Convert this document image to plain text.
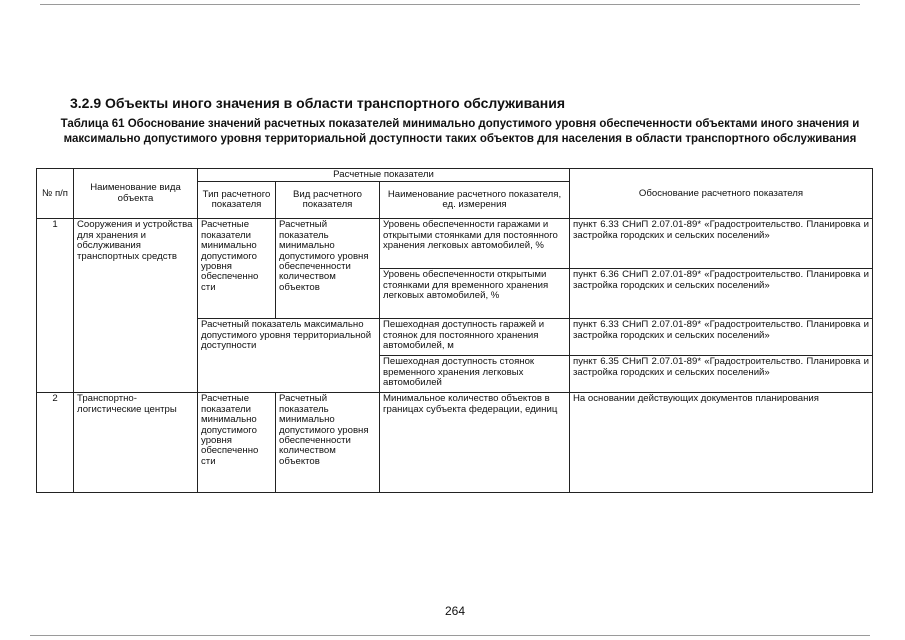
3.2.9 Объекты иного значения в области транспортного обслуживания
Таблица 61 Обоснование значений расчетных показателей минимально допустимого уровня обеспеченности объектами иного значения и максимально допустимого уровня территориальной доступности таких объектов для населения в области транспортного обслуживания
№ п/п	Наименование вида объекта	Расчетные показатели			Обоснование расчетного показателя
		Тип расчетного показателя	Вид расчетного показателя	Наименование расчетного показателя, ед. измерения	
1	Сооружения и устройства для хранения и обслуживания транспортных средств	Расчетные показатели минимально допустимого уровня обеспеченно сти	Расчетный показатель минимально допустимого уровня обеспеченности количеством объектов	Уровень обеспеченности гаражами и открытыми стоянками для постоянного хранения легковых автомобилей, %	пункт 6.33 СНиП 2.07.01-89* «Градостроительство. Планировка и застройка городских и сельских поселений»
				Уровень обеспеченности открытыми стоянками для временного хранения легковых автомобилей, %	пункт 6.36 СНиП 2.07.01-89* «Градостроительство. Планировка и застройка городских и сельских поселений»
		Расчетный показатель максимально допустимого уровня территориальной доступности		Пешеходная доступность гаражей и стоянок для постоянного хранения автомобилей, м	пункт 6.33 СНиП 2.07.01-89* «Градостроительство. Планировка и застройка городских и сельских поселений»
				Пешеходная доступность стоянок временного хранения легковых автомобилей	пункт 6.35 СНиП 2.07.01-89* «Градостроительство. Планировка и застройка городских и сельских поселений»
2	Транспортно-логистические центры	Расчетные показатели минимально допустимого уровня обеспеченно сти	Расчетный показатель минимально допустимого уровня обеспеченности количеством объектов	Минимальное количество объектов в границах субъекта федерации, единиц	На основании действующих документов планирования
264
